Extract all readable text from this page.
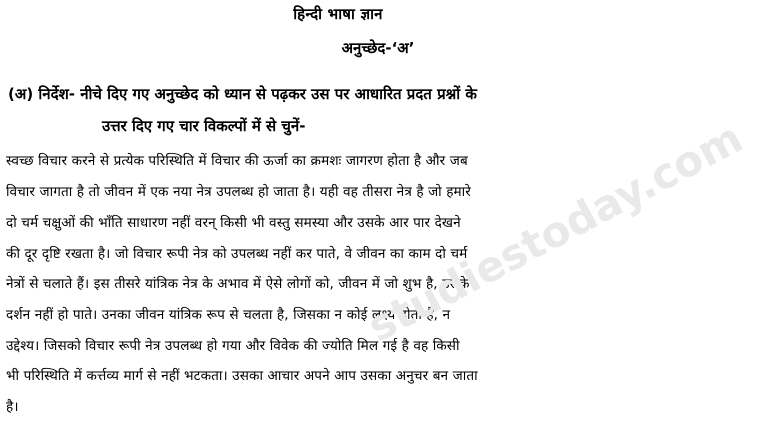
हिन्दी भाषा ज्ञान
अनुच्छेद-‘अ’
(अ) निर्देश- नीचे दिए गए अनुच्छेद को ध्यान से पढ़कर उस पर आधारित प्रदत प्रश्नों के
उत्तर दिए गए चार विकल्पों में से चुनें-
स्वच्छ विचार करने से प्रत्येक परिस्थिति में विचार की ऊर्जा का क्रमशः जागरण होता है और जब
विचार जागता है तो जीवन में एक नया नेत्र उपलब्ध हो जाता है। यही वह तीसरा नेत्र है जो हमारे
दो चर्म चक्षुओं की भाँति साधारण नहीं वरन् किसी भी वस्तु समस्या और उसके आर पार देखने
की दूर दृष्टि रखता है। जो विचार रूपी नेत्र को उपलब्ध नहीं कर पाते, वे जीवन का काम दो चर्म
नेत्रों से चलाते हैं। इस तीसरे यांत्रिक नेत्र के अभाव में ऐसे लोगों को, जीवन में जो शुभ है, उसके
दर्शन नहीं हो पाते। उनका जीवन यांत्रिक रूप से चलता है, जिसका न कोई लक्ष्य होता है, न
उद्देश्य। जिसको विचार रूपी नेत्र उपलब्ध हो गया और विवेक की ज्योति मिल गई है वह किसी
भी परिस्थिति में कर्त्तव्य मार्ग से नहीं भटकता। उसका आचार अपने आप उसका अनुचर बन जाता
है।
studiestoday.com
